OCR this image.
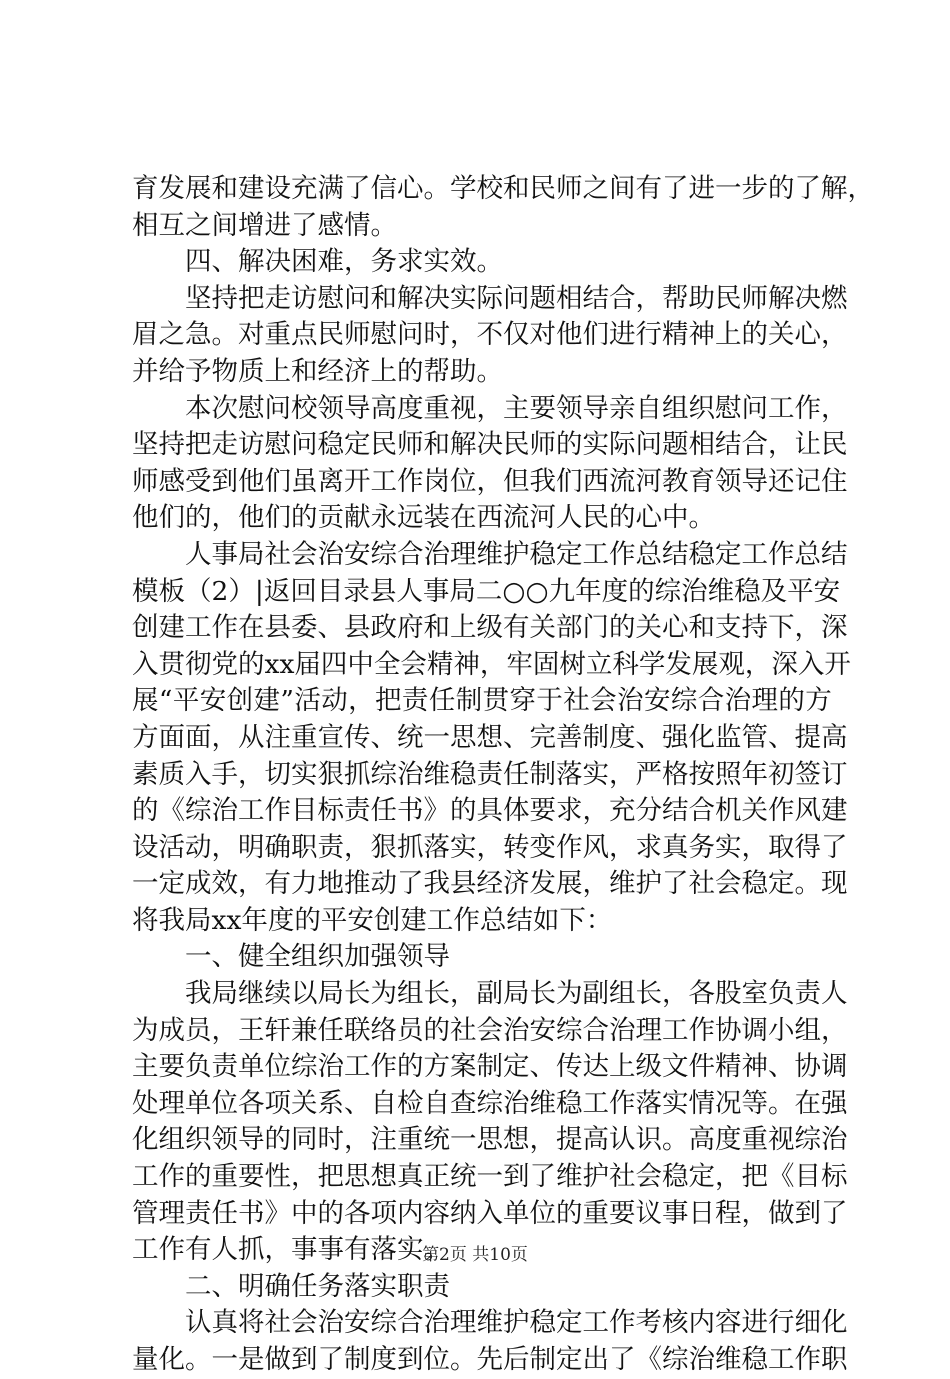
育 发 展 和 建 设 充 满 了 信 心 。 学 校 和 民 师 之 间 有 了 进 一 步 的 了 解 ，
相互之间增进了感情。
　　四、解决困难，务求实效。

坚 持 把 走 访 慰 问 和 解 决 实 际 问 题 相 结 合 ， 帮 助 民 师 解 决 燃
眉 之 急 。 对 重 点 民 师 慰 问 时 ， 不 仅 对 他 们 进 行 精 神 上 的 关 心 ，
并给予物质上和经济上的帮助。

本 次 慰 问 校 领 导 高 度 重 视 ， 主 要 领 导 亲 自 组 织 慰 问 工 作 ，
坚 持 把 走 访 慰 问 稳 定 民 师 和 解 决 民 师 的 实 际 问 题 相 结 合 ， 让 民
师 感 受 到 他 们 虽 离 开 工 作 岗 位 ， 但 我 们 西 流 河 教 育 领 导 还 记 住
他们的，他们的贡献永远装在西流河人民的心中。

人 事 局 社 会 治 安 综 合 治 理 维 护 稳 定 工 作 总 结 稳 定 工 作 总 结
模 板 （ 2 ） | 返 回 目 录 县 人 事 局 二 ○ ○ 九 年 度 的 综 治 维 稳 及 平 安
创 建 工 作 在 县 委 、 县 政 府 和 上 级 有 关 部 门 的 关 心 和 支 持 下 ， 深
入 贯 彻 党 的 xx 届 四 中 全 会 精 神 ， 牢 固 树 立 科 学 发 展 观 ， 深 入 开
展 “ 平 安 创 建 ” 活 动 ， 把 责 任 制 贯 穿 于 社 会 治 安 综 合 治 理 的 方
方 面 面 ， 从 注 重 宣 传 、 统 一 思 想 、 完 善 制 度 、 强 化 监 管 、 提 高
素 质 入 手 ， 切 实 狠 抓 综 治 维 稳 责 任 制 落 实 ， 严 格 按 照 年 初 签 订
的 《 综 治 工 作 目 标 责 任 书 》 的 具 体 要 求 ， 充 分 结 合 机 关 作 风 建
设 活 动 ， 明 确 职 责 ， 狠 抓 落 实 ， 转 变 作 风 ， 求 真 务 实 ， 取 得 了
一 定 成 效 ， 有 力 地 推 动 了 我 县 经 济 发 展 ， 维 护 了 社 会 稳 定 。 现
将我局xx年度的平安创建工作总结如下：
　　一、健全组织加强领导

我 局 继 续 以 局 长 为 组 长 ， 副 局 长 为 副 组 长 ， 各 股 室 负 责 人
为 成 员 ， 王 轩 兼 任 联 络 员 的 社 会 治 安 综 合 治 理 工 作 协 调 小 组 ，
主 要 负 责 单 位 综 治 工 作 的 方 案 制 定 、 传 达 上 级 文 件 精 神 、 协 调
处 理 单 位 各 项 关 系 、 自 检 自 查 综 治 维 稳 工 作 落 实 情 况 等 。 在 强
化 组 织 领 导 的 同 时 ， 注 重 统 一 思 想 ， 提 高 认 识 。 高 度 重 视 综 治
工 作 的 重 要 性 ， 把 思 想 真 正 统 一 到 了 维 护 社 会 稳 定 ， 把 《 目 标
管 理 责 任 书 》 中 的 各 项 内 容 纳 入 单 位 的 重 要 议 事 日 程 ， 做 到 了
工作有人抓，事事有落实。
　　二、明确任务落实职责

认 真 将 社 会 治 安 综 合 治 理 维 护 稳 定 工 作 考 核 内 容 进 行 细 化
量 化 。 一 是 做 到 了 制 度 到 位 。 先 后 制 定 出 了 《 综 治 维 稳 工 作 职
第2页 共10页
